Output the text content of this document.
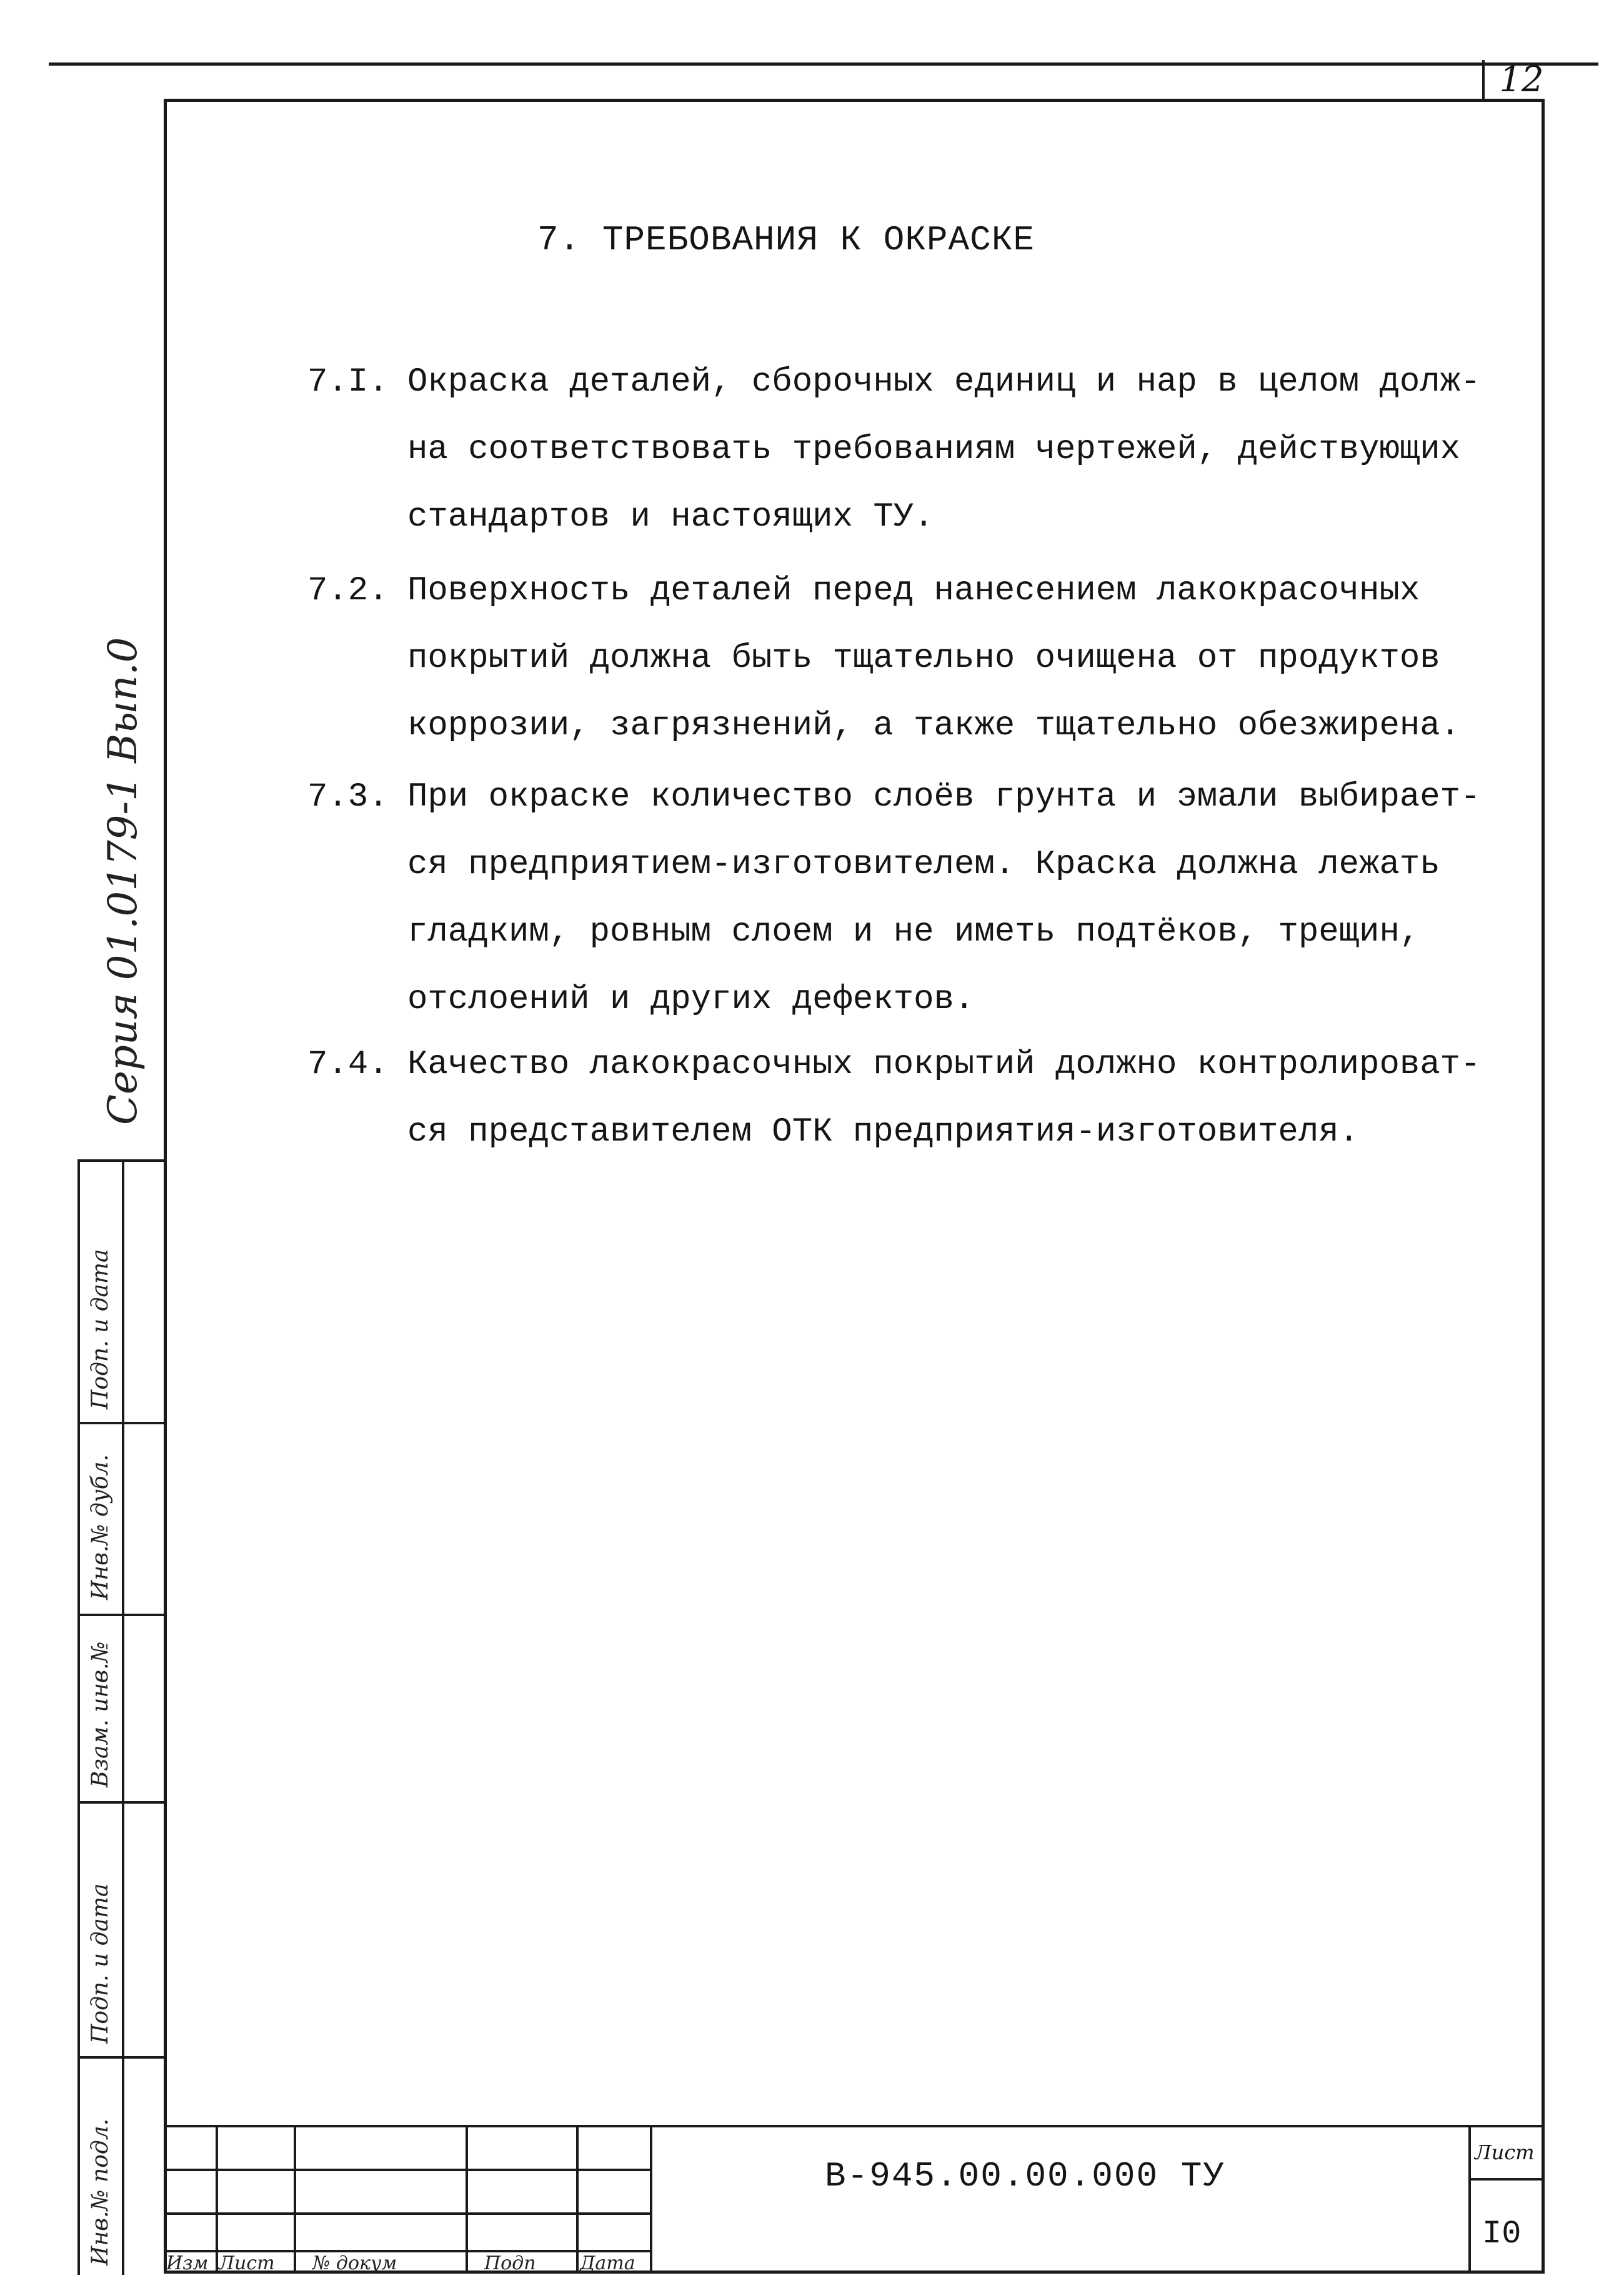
12
7. ТРЕБОВАНИЯ К ОКРАСКЕ
7.I. Окраска деталей, сборочных единиц и нар в целом долж-
на соответствовать требованиям чертежей, действующих
стандартов и настоящих ТУ.
7.2. Поверхность деталей перед нанесением лакокрасочных
покрытий должна быть тщательно очищена от продуктов
коррозии, загрязнений, а также тщательно обезжирена.
7.3. При окраске количество слоёв грунта и эмали выбирает-
ся предприятием-изготовителем. Краска должна лежать
гладким, ровным слоем и не иметь подтёков, трещин,
отслоений и других дефектов.
7.4. Качество лакокрасочных покрытий должно контролироват-
ся представителем ОТК предприятия-изготовителя.
Серия 01.0179-1 Вып.0
Подп. и дата
Инв.№ дубл.
Взам. инв.№
Подп. и дата
Инв.№ подл.	Изм Лист № докум	Подп Дата
В-945.00.00.000 ТУ
Лист
I0
